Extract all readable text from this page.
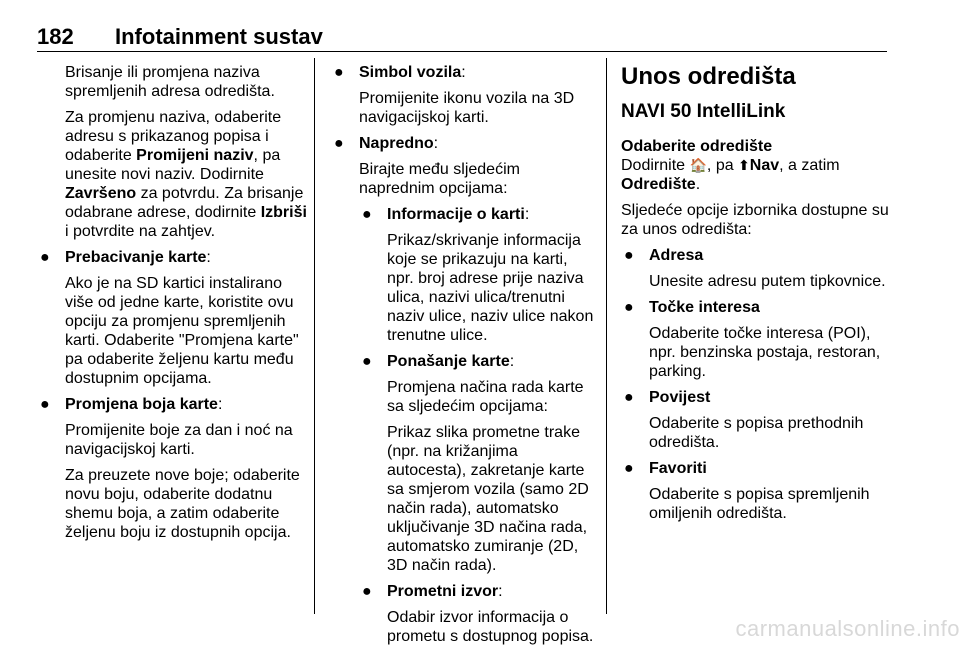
182 Infotainment sustav

Brisanje ili promjena naziva spremljenih adresa odredišta.

Za promjenu naziva, odaberite adresu s prikazanog popisa i odaberite Promijeni naziv, pa unesite novi naziv. Dodirnite Završeno za potvrdu. Za brisanje odabrane adrese, dodirnite Izbriši i potvrdite na zahtjev.

● Prebacivanje karte:

Ako je na SD kartici instalirano više od jedne karte, koristite ovu opciju za promjenu spremljenih karti. Odaberite "Promjena karte" pa odaberite željenu kartu među dostupnim opcijama.

● Promjena boja karte:

Promijenite boje za dan i noć na navigacijskoj karti.

Za preuzete nove boje; odaberite novu boju, odaberite dodatnu shemu boja, a zatim odaberite željenu boju iz dostupnih opcija.

● Simbol vozila:

Promijenite ikonu vozila na 3D navigacijskoj karti.

● Napredno:

Birajte među sljedećim naprednim opcijama:

● Informacije o karti:

Prikaz/skrivanje informacija koje se prikazuju na karti, npr. broj adrese prije naziva ulica, nazivi ulica/trenutni naziv ulice, naziv ulice nakon trenutne ulice.

● Ponašanje karte:

Promjena načina rada karte sa sljedećim opcijama:

Prikaz slika prometne trake (npr. na križanjima autocesta), zakretanje karte sa smjerom vozila (samo 2D način rada), automatsko uključivanje 3D načina rada, automatsko zumiranje (2D, 3D način rada).

● Prometni izvor:

Odabir izvor informacija o prometu s dostupnog popisa.

Unos odredišta
NAVI 50 IntelliLink
Odaberite odredište

Dodirnite 🏠, pa ⬆Nav, a zatim Odredište.

Sljedeće opcije izbornika dostupne su za unos odredišta:

● Adresa

Unesite adresu putem tipkovnice.

● Točke interesa

Odaberite točke interesa (POI), npr. benzinska postaja, restoran, parking.

● Povijest

Odaberite s popisa prethodnih odredišta.

● Favoriti

Odaberite s popisa spremljenih omiljenih odredišta.

carmanualsonline.info
